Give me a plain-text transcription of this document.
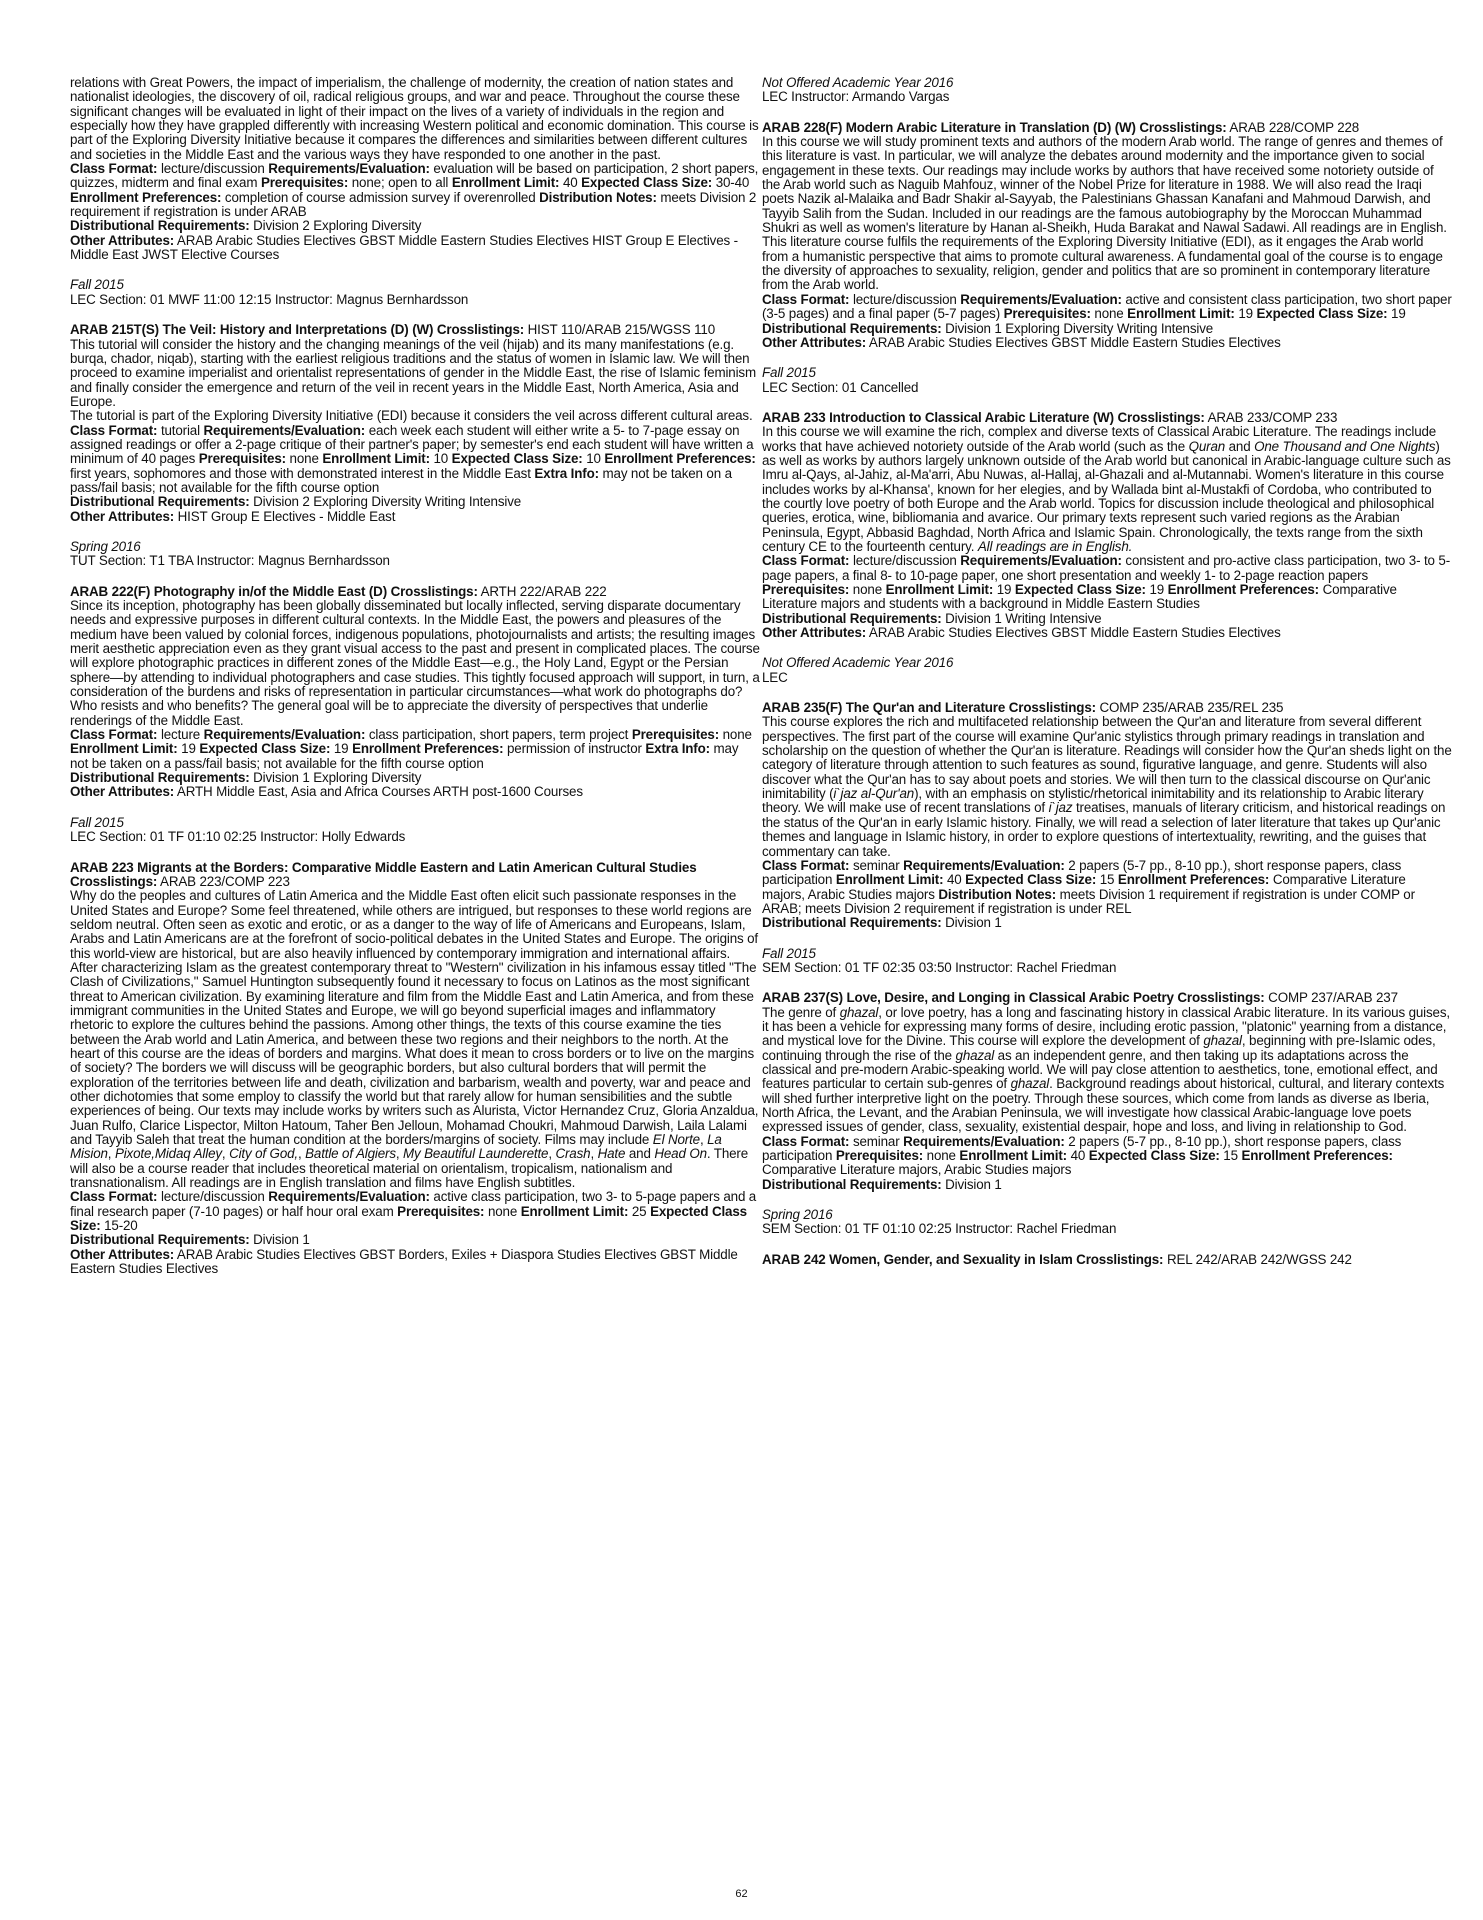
relations with Great Powers, the impact of imperialism, the challenge of modernity, the creation of nation states and nationalist ideologies, the discovery of oil, radical religious groups, and war and peace. Throughout the course these significant changes will be evaluated in light of their impact on the lives of a variety of individuals in the region and especially how they have grappled differently with increasing Western political and economic domination. This course is part of the Exploring Diversity Initiative because it compares the differences and similarities between different cultures and societies in the Middle East and the various ways they have responded to one another in the past.

Class Format: lecture/discussion Requirements/Evaluation: evaluation will be based on participation, 2 short papers, quizzes, midterm and final exam Prerequisites: none; open to all Enrollment Limit: 40 Expected Class Size: 30-40 Enrollment Preferences: completion of course admission survey if overenrolled Distribution Notes: meets Division 2 requirement if registration is under ARAB

Distributional Requirements: Division 2 Exploring Diversity

Other Attributes: ARAB Arabic Studies Electives GBST Middle Eastern Studies Electives HIST Group E Electives - Middle East JWST Elective Courses

Fall 2015

LEC Section: 01 MWF 11:00 12:15 Instructor: Magnus Bernhardsson

ARAB 215T(S) The Veil: History and Interpretations (D) (W) Crosslistings: HIST 110/ARAB 215/WGSS 110

This tutorial will consider the history and the changing meanings of the veil (hijab) and its many manifestations (e.g. burqa, chador, niqab), starting with the earliest religious traditions and the status of women in Islamic law. We will then proceed to examine imperialist and orientalist representations of gender in the Middle East, the rise of Islamic feminism and finally consider the emergence and return of the veil in recent years in the Middle East, North America, Asia and Europe.

The tutorial is part of the Exploring Diversity Initiative (EDI) because it considers the veil across different cultural areas.

Class Format: tutorial Requirements/Evaluation: each week each student will either write a 5- to 7-page essay on assigned readings or offer a 2-page critique of their partner's paper; by semester's end each student will have written a minimum of 40 pages Prerequisites: none Enrollment Limit: 10 Expected Class Size: 10 Enrollment Preferences: first years, sophomores and those with demonstrated interest in the Middle East Extra Info: may not be taken on a pass/fail basis; not available for the fifth course option

Distributional Requirements: Division 2 Exploring Diversity Writing Intensive

Other Attributes: HIST Group E Electives - Middle East

Spring 2016

TUT Section: T1 TBA Instructor: Magnus Bernhardsson

ARAB 222(F) Photography in/of the Middle East (D) Crosslistings: ARTH 222/ARAB 222

Since its inception, photography has been globally disseminated but locally inflected, serving disparate documentary needs and expressive purposes in different cultural contexts. In the Middle East, the powers and pleasures of the medium have been valued by colonial forces, indigenous populations, photojournalists and artists; the resulting images merit aesthetic appreciation even as they grant visual access to the past and present in complicated places. The course will explore photographic practices in different zones of the Middle East—e.g., the Holy Land, Egypt or the Persian sphere—by attending to individual photographers and case studies. This tightly focused approach will support, in turn, a consideration of the burdens and risks of representation in particular circumstances—what work do photographs do? Who resists and who benefits? The general goal will be to appreciate the diversity of perspectives that underlie renderings of the Middle East.

Class Format: lecture Requirements/Evaluation: class participation, short papers, term project Prerequisites: none Enrollment Limit: 19 Expected Class Size: 19 Enrollment Preferences: permission of instructor Extra Info: may not be taken on a pass/fail basis; not available for the fifth course option

Distributional Requirements: Division 1 Exploring Diversity

Other Attributes: ARTH Middle East, Asia and Africa Courses ARTH post-1600 Courses

Fall 2015

LEC Section: 01 TF 01:10 02:25 Instructor: Holly Edwards

ARAB 223 Migrants at the Borders: Comparative Middle Eastern and Latin American Cultural Studies Crosslistings: ARAB 223/COMP 223

Why do the peoples and cultures of Latin America and the Middle East often elicit such passionate responses in the United States and Europe? Some feel threatened, while others are intrigued, but responses to these world regions are seldom neutral. Often seen as exotic and erotic, or as a danger to the way of life of Americans and Europeans, Islam, Arabs and Latin Americans are at the forefront of socio-political debates in the United States and Europe. The origins of this world-view are historical, but are also heavily influenced by contemporary immigration and international affairs. After characterizing Islam as the greatest contemporary threat to "Western" civilization in his infamous essay titled "The Clash of Civilizations," Samuel Huntington subsequently found it necessary to focus on Latinos as the most significant threat to American civilization. By examining literature and film from the Middle East and Latin America, and from these immigrant communities in the United States and Europe, we will go beyond superficial images and inflammatory rhetoric to explore the cultures behind the passions. Among other things, the texts of this course examine the ties between the Arab world and Latin America, and between these two regions and their neighbors to the north. At the heart of this course are the ideas of borders and margins. What does it mean to cross borders or to live on the margins of society? The borders we will discuss will be geographic borders, but also cultural borders that will permit the exploration of the territories between life and death, civilization and barbarism, wealth and poverty, war and peace and other dichotomies that some employ to classify the world but that rarely allow for human sensibilities and the subtle experiences of being. Our texts may include works by writers such as Alurista, Victor Hernandez Cruz, Gloria Anzaldua, Juan Rulfo, Clarice Lispector, Milton Hatoum, Taher Ben Jelloun, Mohamad Choukri, Mahmoud Darwish, Laila Lalami and Tayyib Saleh that treat the human condition at the borders/margins of society. Films may include El Norte, La Mision, Pixote,Midaq Alley, City of God,, Battle of Algiers, My Beautiful Launderette, Crash, Hate and Head On. There will also be a course reader that includes theoretical material on orientalism, tropicalism, nationalism and transnationalism. All readings are in English translation and films have English subtitles.

Class Format: lecture/discussion Requirements/Evaluation: active class participation, two 3- to 5-page papers and a final research paper (7-10 pages) or half hour oral exam Prerequisites: none Enrollment Limit: 25 Expected Class Size: 15-20

Distributional Requirements: Division 1

Other Attributes: ARAB Arabic Studies Electives GBST Borders, Exiles + Diaspora Studies Electives GBST Middle Eastern Studies Electives

Not Offered Academic Year 2016

LEC Instructor: Armando Vargas

ARAB 228(F) Modern Arabic Literature in Translation (D) (W) Crosslistings: ARAB 228/COMP 228

In this course we will study prominent texts and authors of the modern Arab world. The range of genres and themes of this literature is vast. In particular, we will analyze the debates around modernity and the importance given to social engagement in these texts. Our readings may include works by authors that have received some notoriety outside of the Arab world such as Naguib Mahfouz, winner of the Nobel Prize for literature in 1988. We will also read the Iraqi poets Nazik al-Malaika and Badr Shakir al-Sayyab, the Palestinians Ghassan Kanafani and Mahmoud Darwish, and Tayyib Salih from the Sudan. Included in our readings are the famous autobiography by the Moroccan Muhammad Shukri as well as women's literature by Hanan al-Sheikh, Huda Barakat and Nawal Sadawi. All readings are in English. This literature course fulfils the requirements of the Exploring Diversity Initiative (EDI), as it engages the Arab world from a humanistic perspective that aims to promote cultural awareness. A fundamental goal of the course is to engage the diversity of approaches to sexuality, religion, gender and politics that are so prominent in contemporary literature from the Arab world.

Class Format: lecture/discussion Requirements/Evaluation: active and consistent class participation, two short paper (3-5 pages) and a final paper (5-7 pages) Prerequisites: none Enrollment Limit: 19 Expected Class Size: 19

Distributional Requirements: Division 1 Exploring Diversity Writing Intensive

Other Attributes: ARAB Arabic Studies Electives GBST Middle Eastern Studies Electives

Fall 2015

LEC Section: 01 Cancelled

ARAB 233 Introduction to Classical Arabic Literature (W) Crosslistings: ARAB 233/COMP 233

In this course we will examine the rich, complex and diverse texts of Classical Arabic Literature. The readings include works that have achieved notoriety outside of the Arab world (such as the Quran and One Thousand and One Nights) as well as works by authors largely unknown outside of the Arab world but canonical in Arabic-language culture such as Imru al-Qays, al-Jahiz, al-Ma'arri, Abu Nuwas, al-Hallaj, al-Ghazali and al-Mutannabi. Women's literature in this course includes works by al-Khansa', known for her elegies, and by Wallada bint al-Mustakfi of Cordoba, who contributed to the courtly love poetry of both Europe and the Arab world. Topics for discussion include theological and philosophical queries, erotica, wine, bibliomania and avarice. Our primary texts represent such varied regions as the Arabian Peninsula, Egypt, Abbasid Baghdad, North Africa and Islamic Spain. Chronologically, the texts range from the sixth century CE to the fourteenth century. All readings are in English.

Class Format: lecture/discussion Requirements/Evaluation: consistent and pro-active class participation, two 3- to 5-page papers, a final 8- to 10-page paper, one short presentation and weekly 1- to 2-page reaction papers Prerequisites: none Enrollment Limit: 19 Expected Class Size: 19 Enrollment Preferences: Comparative Literature majors and students with a background in Middle Eastern Studies

Distributional Requirements: Division 1 Writing Intensive

Other Attributes: ARAB Arabic Studies Electives GBST Middle Eastern Studies Electives

Not Offered Academic Year 2016

LEC

ARAB 235(F) The Qur'an and Literature Crosslistings: COMP 235/ARAB 235/REL 235

This course explores the rich and multifaceted relationship between the Qur'an and literature from several different perspectives. The first part of the course will examine Qur'anic stylistics through primary readings in translation and scholarship on the question of whether the Qur'an is literature. Readings will consider how the Qur'an sheds light on the category of literature through attention to such features as sound, figurative language, and genre. Students will also discover what the Qur'an has to say about poets and stories. We will then turn to the classical discourse on Qur'anic inimitability (i`jaz al-Qur'an), with an emphasis on stylistic/rhetorical inimitability and its relationship to Arabic literary theory. We will make use of recent translations of i`jaz treatises, manuals of literary criticism, and historical readings on the status of the Qur'an in early Islamic history. Finally, we will read a selection of later literature that takes up Qur'anic themes and language in Islamic history, in order to explore questions of intertextuality, rewriting, and the guises that commentary can take.

Class Format: seminar Requirements/Evaluation: 2 papers (5-7 pp., 8-10 pp.), short response papers, class participation Enrollment Limit: 40 Expected Class Size: 15 Enrollment Preferences: Comparative Literature majors, Arabic Studies majors Distribution Notes: meets Division 1 requirement if registration is under COMP or ARAB; meets Division 2 requirement if registration is under REL

Distributional Requirements: Division 1

Fall 2015

SEM Section: 01 TF 02:35 03:50 Instructor: Rachel Friedman

ARAB 237(S) Love, Desire, and Longing in Classical Arabic Poetry Crosslistings: COMP 237/ARAB 237

The genre of ghazal, or love poetry, has a long and fascinating history in classical Arabic literature. In its various guises, it has been a vehicle for expressing many forms of desire, including erotic passion, "platonic" yearning from a distance, and mystical love for the Divine. This course will explore the development of ghazal, beginning with pre-Islamic odes, continuing through the rise of the ghazal as an independent genre, and then taking up its adaptations across the classical and pre-modern Arabic-speaking world. We will pay close attention to aesthetics, tone, emotional effect, and features particular to certain sub-genres of ghazal. Background readings about historical, cultural, and literary contexts will shed further interpretive light on the poetry. Through these sources, which come from lands as diverse as Iberia, North Africa, the Levant, and the Arabian Peninsula, we will investigate how classical Arabic-language love poets expressed issues of gender, class, sexuality, existential despair, hope and loss, and living in relationship to God.

Class Format: seminar Requirements/Evaluation: 2 papers (5-7 pp., 8-10 pp.), short response papers, class participation Prerequisites: none Enrollment Limit: 40 Expected Class Size: 15 Enrollment Preferences: Comparative Literature majors, Arabic Studies majors

Distributional Requirements: Division 1

Spring 2016

SEM Section: 01 TF 01:10 02:25 Instructor: Rachel Friedman

ARAB 242 Women, Gender, and Sexuality in Islam Crosslistings: REL 242/ARAB 242/WGSS 242

62
